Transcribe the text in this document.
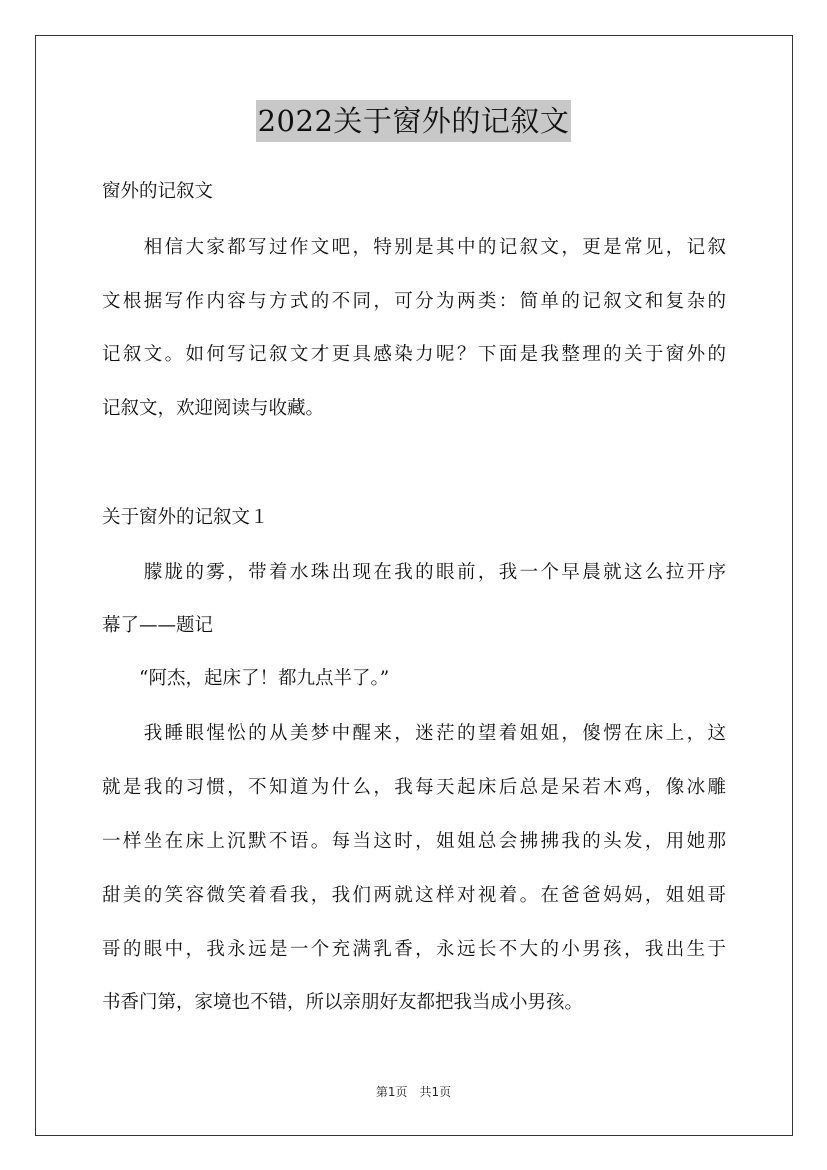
2022关于窗外的记叙文
窗外的记叙文
　　相信大家都写过作文吧，特别是其中的记叙文，更是常见，记叙
文根据写作内容与方式的不同，可分为两类：简单的记叙文和复杂的
记叙文。如何写记叙文才更具感染力呢？下面是我整理的关于窗外的
记叙文，欢迎阅读与收藏。
关于窗外的记叙文１
　　朦胧的雾，带着水珠出现在我的眼前，我一个早晨就这么拉开序
幕了——题记
　　“阿杰，起床了！都九点半了。”
　　我睡眼惺忪的从美梦中醒来，迷茫的望着姐姐，傻愣在床上，这
就是我的习惯，不知道为什么，我每天起床后总是呆若木鸡，像冰雕
一样坐在床上沉默不语。每当这时，姐姐总会拂拂我的头发，用她那
甜美的笑容微笑着看我，我们两就这样对视着。在爸爸妈妈，姐姐哥
哥的眼中，我永远是一个充满乳香，永远长不大的小男孩，我出生于
书香门第，家境也不错，所以亲朋好友都把我当成小男孩。
第1页　共1页
